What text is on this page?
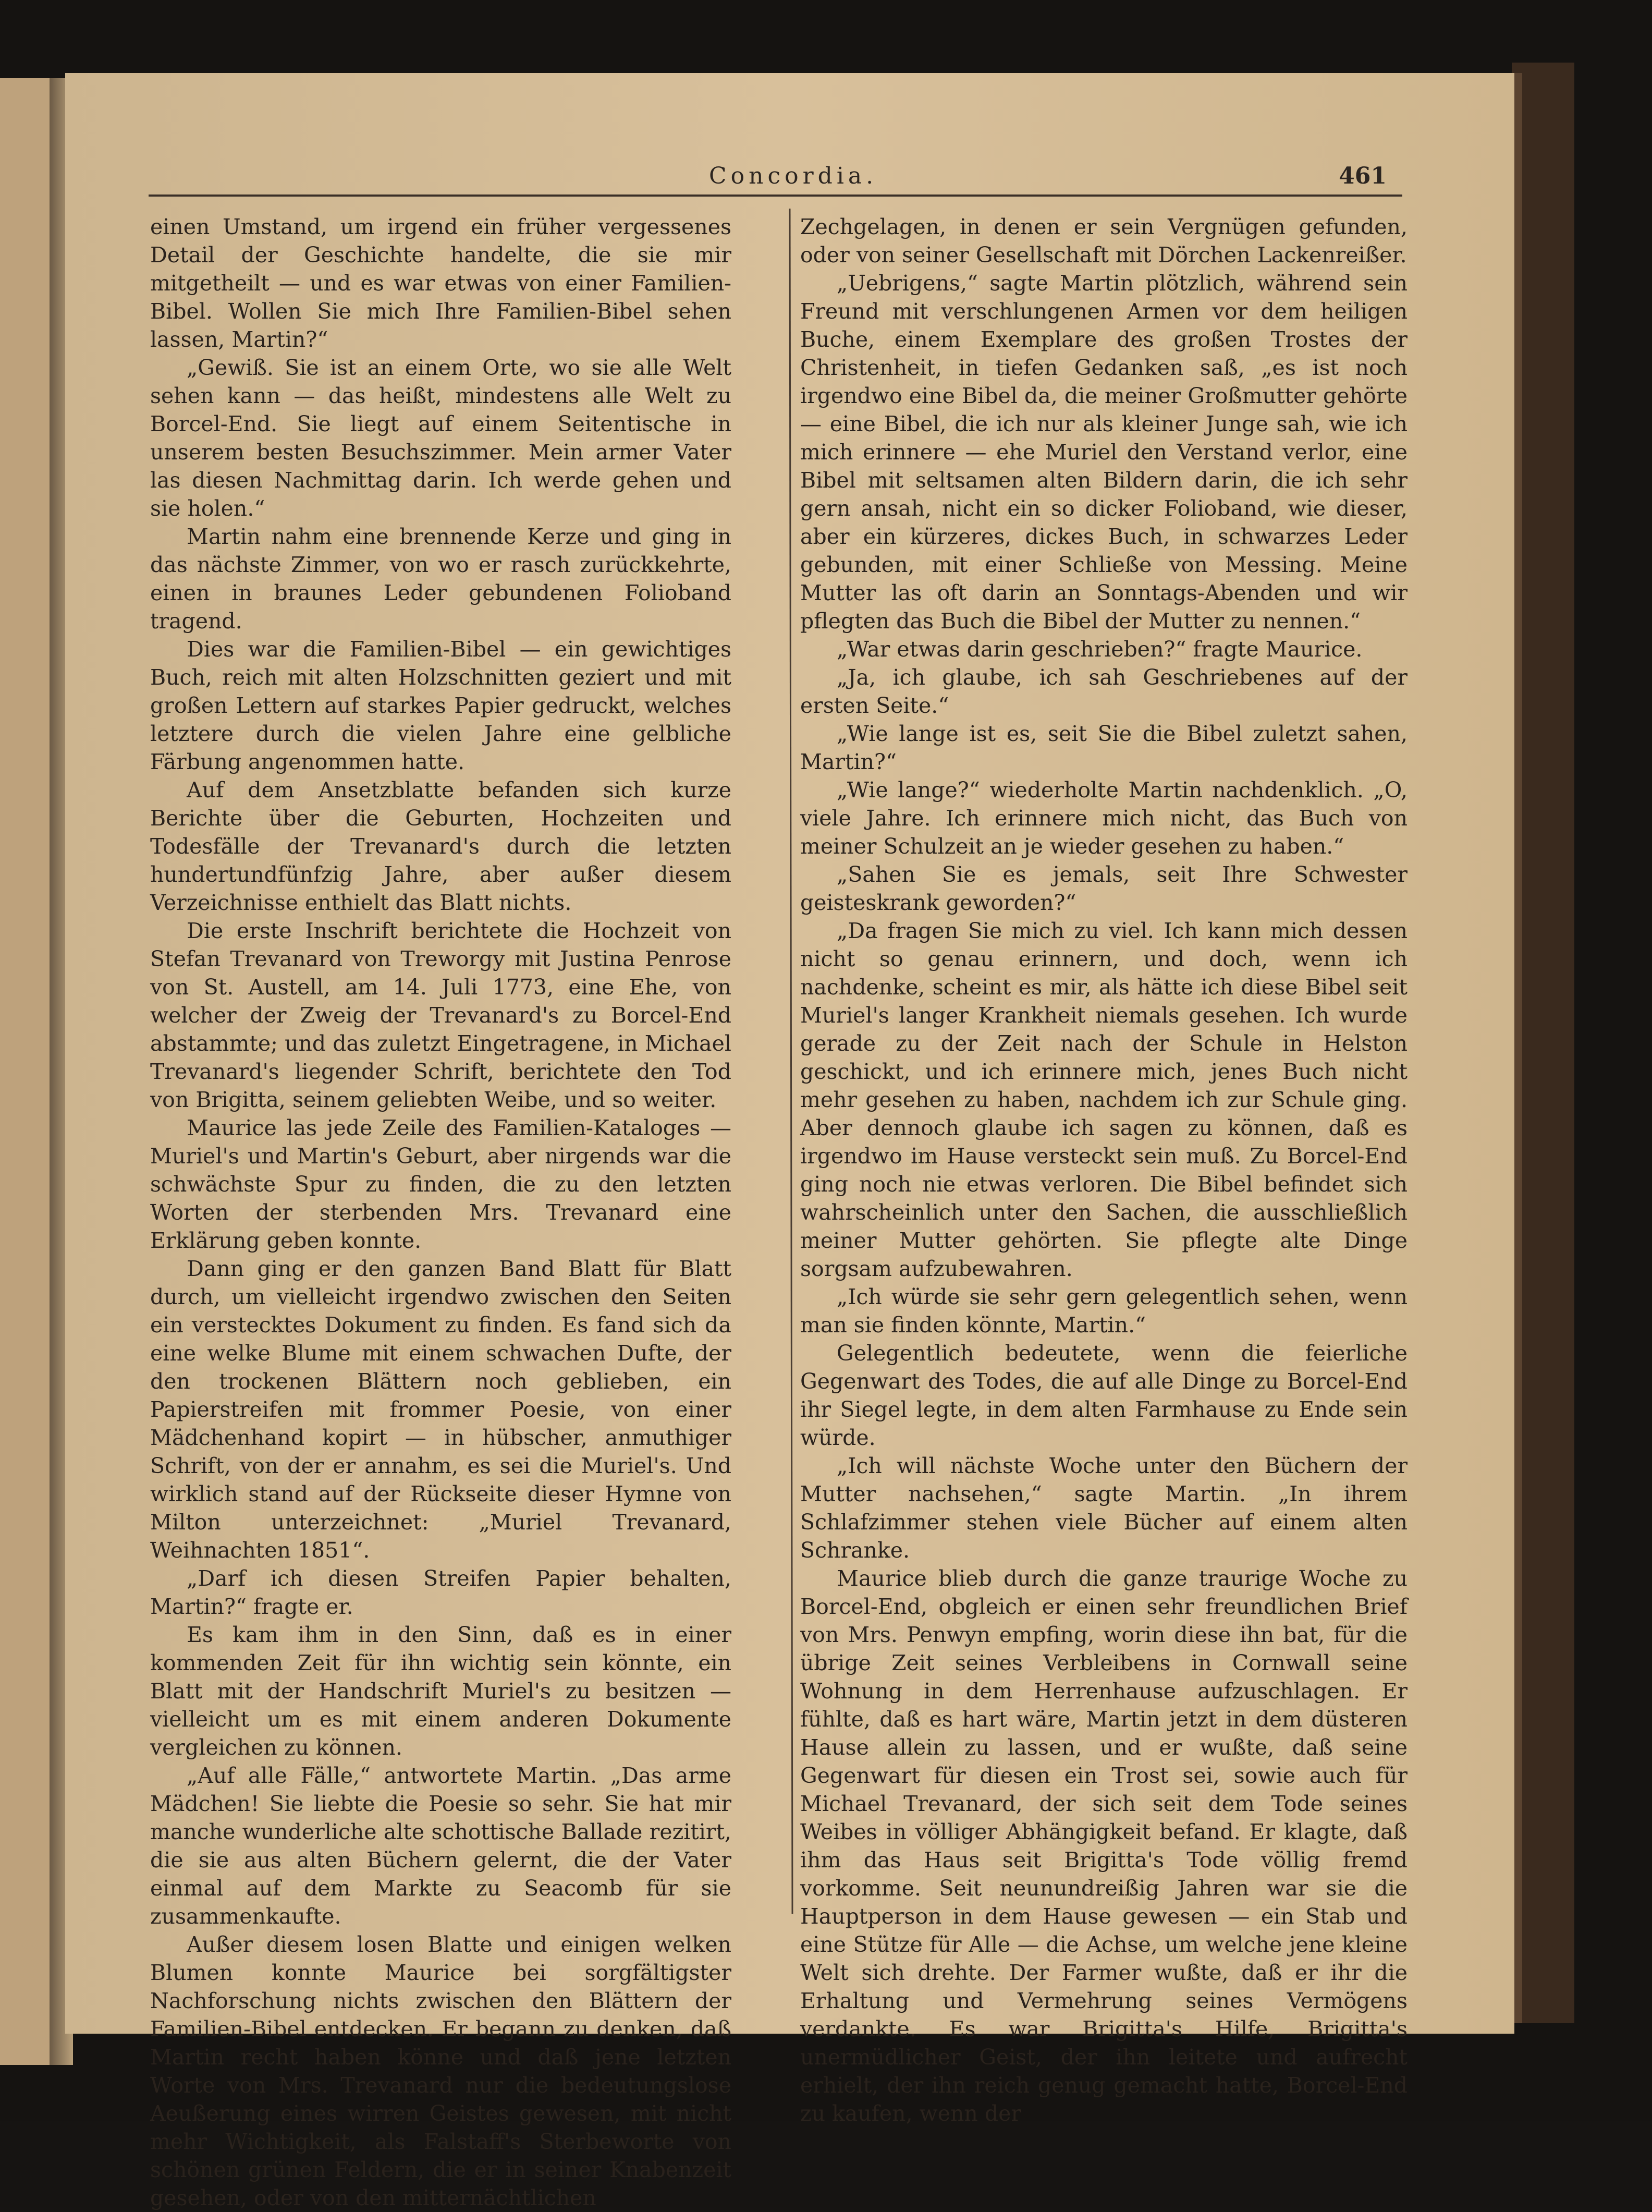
Concordia.	461

einen Umstand, um irgend ein früher vergessenes Detail der Geschichte handelte, die sie mir mitgetheilt — und es war etwas von einer Familien-Bibel. Wollen Sie mich Ihre Familien-Bibel sehen lassen, Martin?“

„Gewiß. Sie ist an einem Orte, wo sie alle Welt sehen kann — das heißt, mindestens alle Welt zu Borcel-End. Sie liegt auf einem Seitentische in unserem besten Besuchszimmer. Mein armer Vater las diesen Nachmittag darin. Ich werde gehen und sie holen.“

Martin nahm eine brennende Kerze und ging in das nächste Zimmer, von wo er rasch zurückkehrte, einen in braunes Leder gebundenen Folioband tragend.

Dies war die Familien-Bibel — ein gewichtiges Buch, reich mit alten Holzschnitten geziert und mit großen Lettern auf starkes Papier gedruckt, welches letztere durch die vielen Jahre eine gelbliche Färbung angenommen hatte.

Auf dem Ansetzblatte befanden sich kurze Berichte über die Geburten, Hochzeiten und Todesfälle der Trevanard's durch die letzten hundertundfünfzig Jahre, aber außer diesem Verzeichnisse enthielt das Blatt nichts.

Die erste Inschrift berichtete die Hochzeit von Stefan Trevanard von Treworgy mit Justina Penrose von St. Austell, am 14. Juli 1773, eine Ehe, von welcher der Zweig der Trevanard's zu Borcel-End abstammte; und das zuletzt Eingetragene, in Michael Trevanard's liegender Schrift, berichtete den Tod von Brigitta, seinem geliebten Weibe, und so weiter.

Maurice las jede Zeile des Familien-Kataloges — Muriel's und Martin's Geburt, aber nirgends war die schwächste Spur zu finden, die zu den letzten Worten der sterbenden Mrs. Trevanard eine Erklärung geben konnte.

Dann ging er den ganzen Band Blatt für Blatt durch, um vielleicht irgendwo zwischen den Seiten ein verstecktes Dokument zu finden. Es fand sich da eine welke Blume mit einem schwachen Dufte, der den trockenen Blättern noch geblieben, ein Papierstreifen mit frommer Poesie, von einer Mädchenhand kopirt — in hübscher, anmuthiger Schrift, von der er annahm, es sei die Muriel's. Und wirklich stand auf der Rückseite dieser Hymne von Milton unterzeichnet: „Muriel Trevanard, Weihnachten 1851“.

„Darf ich diesen Streifen Papier behalten, Martin?“ fragte er.

Es kam ihm in den Sinn, daß es in einer kommenden Zeit für ihn wichtig sein könnte, ein Blatt mit der Handschrift Muriel's zu besitzen — vielleicht um es mit einem anderen Dokumente vergleichen zu können.

„Auf alle Fälle,“ antwortete Martin. „Das arme Mädchen! Sie liebte die Poesie so sehr. Sie hat mir manche wunderliche alte schottische Ballade rezitirt, die sie aus alten Büchern gelernt, die der Vater einmal auf dem Markte zu Seacomb für sie zusammenkaufte.

Außer diesem losen Blatte und einigen welken Blumen konnte Maurice bei sorgfältigster Nachforschung nichts zwischen den Blättern der Familien-Bibel entdecken. Er begann zu denken, daß Martin recht haben könne und daß jene letzten Worte von Mrs. Trevanard nur die bedeutungslose Aeußerung eines wirren Geistes gewesen, mit nicht mehr Wichtigkeit, als Falstaff's Sterbeworte von schönen grünen Feldern, die er in seiner Knabenzeit gesehen, oder von den mitternächtlichen

Zechgelagen, in denen er sein Vergnügen gefunden, oder von seiner Gesellschaft mit Dörchen Lackenreißer.

„Uebrigens,“ sagte Martin plötzlich, während sein Freund mit verschlungenen Armen vor dem heiligen Buche, einem Exemplare des großen Trostes der Christenheit, in tiefen Gedanken saß, „es ist noch irgendwo eine Bibel da, die meiner Großmutter gehörte — eine Bibel, die ich nur als kleiner Junge sah, wie ich mich erinnere — ehe Muriel den Verstand verlor, eine Bibel mit seltsamen alten Bildern darin, die ich sehr gern ansah, nicht ein so dicker Folioband, wie dieser, aber ein kürzeres, dickes Buch, in schwarzes Leder gebunden, mit einer Schließe von Messing. Meine Mutter las oft darin an Sonntags-Abenden und wir pflegten das Buch die Bibel der Mutter zu nennen.“

„War etwas darin geschrieben?“ fragte Maurice.

„Ja, ich glaube, ich sah Geschriebenes auf der ersten Seite.“

„Wie lange ist es, seit Sie die Bibel zuletzt sahen, Martin?“

„Wie lange?“ wiederholte Martin nachdenklich. „O, viele Jahre. Ich erinnere mich nicht, das Buch von meiner Schulzeit an je wieder gesehen zu haben.“

„Sahen Sie es jemals, seit Ihre Schwester geisteskrank geworden?“

„Da fragen Sie mich zu viel. Ich kann mich dessen nicht so genau erinnern, und doch, wenn ich nachdenke, scheint es mir, als hätte ich diese Bibel seit Muriel's langer Krankheit niemals gesehen. Ich wurde gerade zu der Zeit nach der Schule in Helston geschickt, und ich erinnere mich, jenes Buch nicht mehr gesehen zu haben, nachdem ich zur Schule ging. Aber dennoch glaube ich sagen zu können, daß es irgendwo im Hause versteckt sein muß. Zu Borcel-End ging noch nie etwas verloren. Die Bibel befindet sich wahrscheinlich unter den Sachen, die ausschließlich meiner Mutter gehörten. Sie pflegte alte Dinge sorgsam aufzubewahren.

„Ich würde sie sehr gern gelegentlich sehen, wenn man sie finden könnte, Martin.“

Gelegentlich bedeutete, wenn die feierliche Gegenwart des Todes, die auf alle Dinge zu Borcel-End ihr Siegel legte, in dem alten Farmhause zu Ende sein würde.

„Ich will nächste Woche unter den Büchern der Mutter nachsehen,“ sagte Martin. „In ihrem Schlafzimmer stehen viele Bücher auf einem alten Schranke.

Maurice blieb durch die ganze traurige Woche zu Borcel-End, obgleich er einen sehr freundlichen Brief von Mrs. Penwyn empfing, worin diese ihn bat, für die übrige Zeit seines Verbleibens in Cornwall seine Wohnung in dem Herrenhause aufzuschlagen. Er fühlte, daß es hart wäre, Martin jetzt in dem düsteren Hause allein zu lassen, und er wußte, daß seine Gegenwart für diesen ein Trost sei, sowie auch für Michael Trevanard, der sich seit dem Tode seines Weibes in völliger Abhängigkeit befand. Er klagte, daß ihm das Haus seit Brigitta's Tode völlig fremd vorkomme. Seit neunundreißig Jahren war sie die Hauptperson in dem Hause gewesen — ein Stab und eine Stütze für Alle — die Achse, um welche jene kleine Welt sich drehte. Der Farmer wußte, daß er ihr die Erhaltung und Vermehrung seines Vermögens verdankte. Es war Brigitta's Hilfe, Brigitta's unermüdlicher Geist, der ihn leitete und aufrecht erhielt, der ihn reich genug gemacht hatte, Borcel-End zu kaufen, wenn der
